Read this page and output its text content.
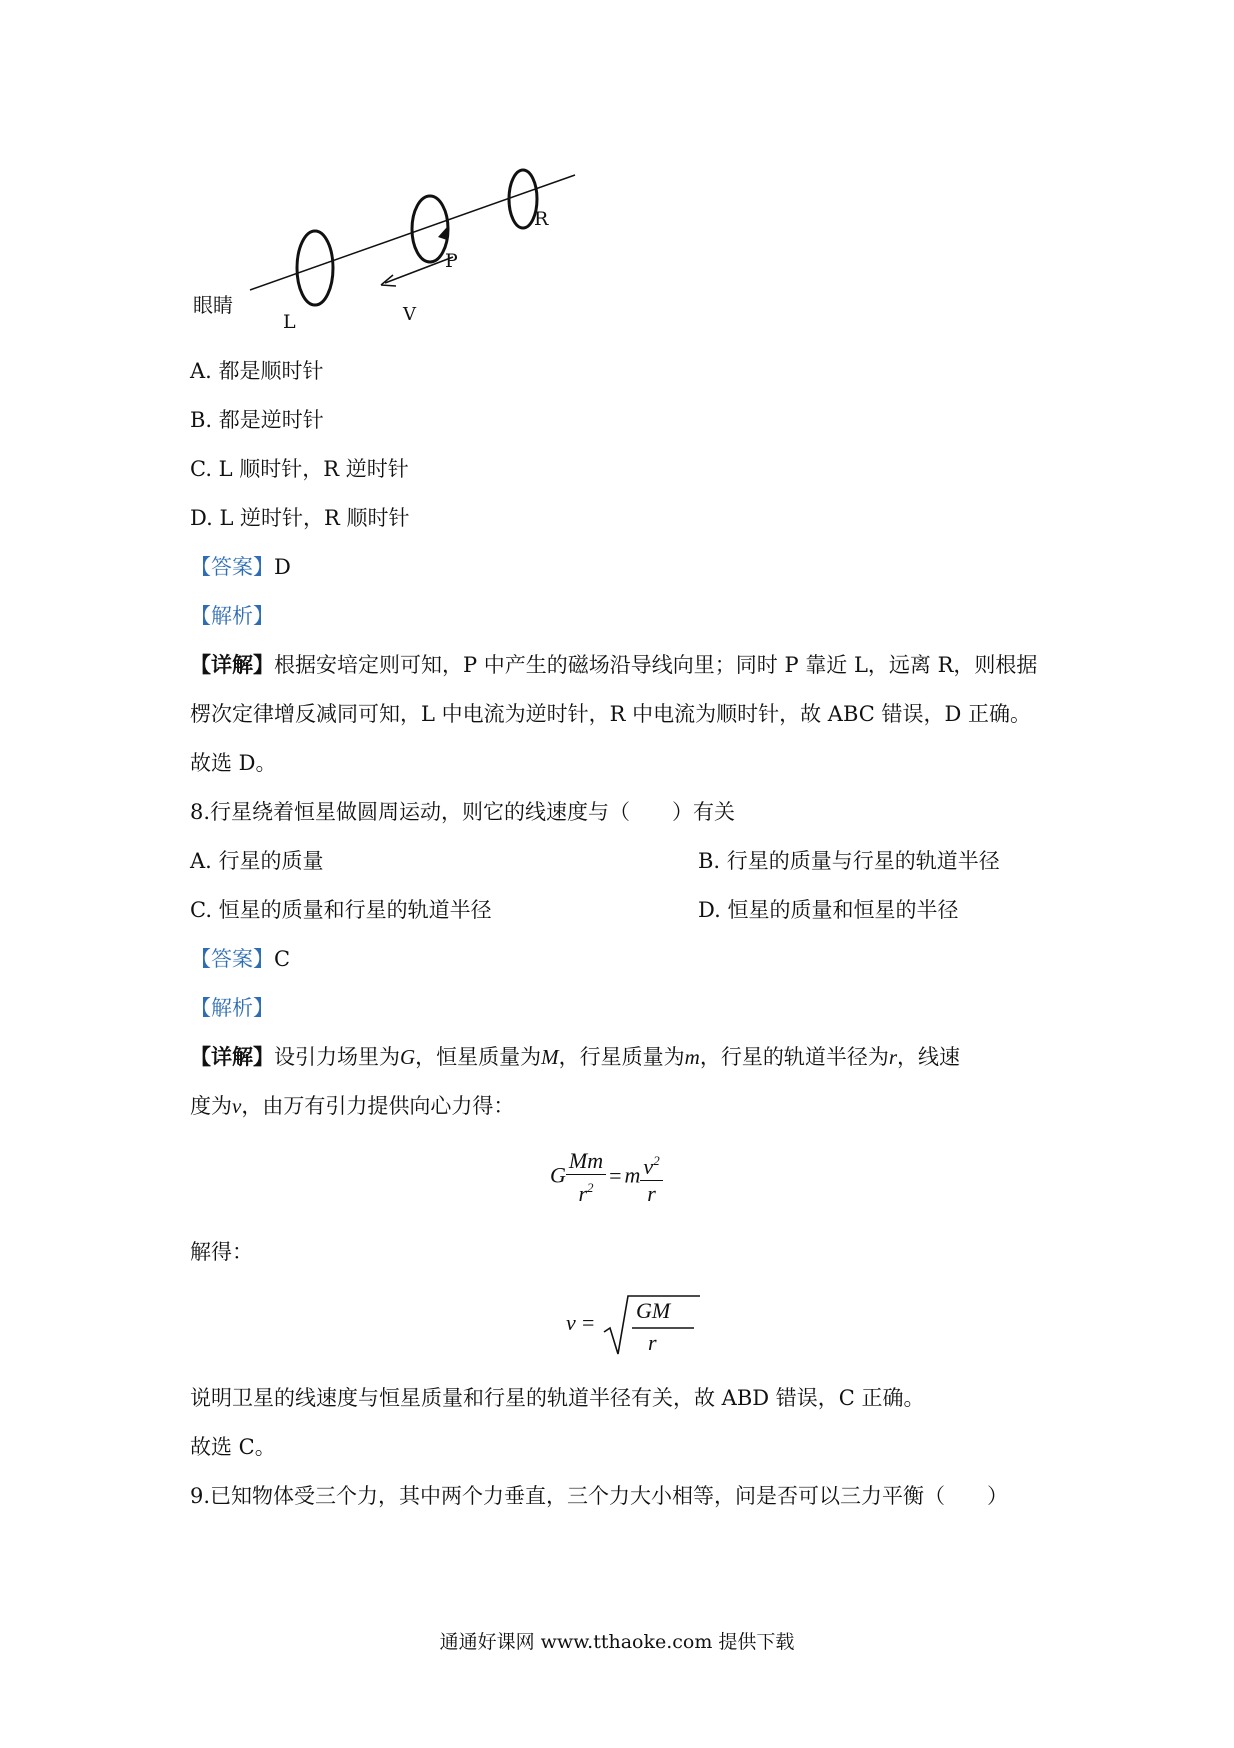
眼睛
L
P
R
V
A. 都是顺时针
B. 都是逆时针
C. L 顺时针，R 逆时针
D. L 逆时针，R 顺时针
【答案】D
【解析】
【详解】根据安培定则可知，P 中产生的磁场沿导线向里；同时 P 靠近 L，远离 R，则根据
楞次定律增反减同可知，L 中电流为逆时针，R 中电流为顺时针，故 ABC 错误，D 正确。
故选 D。
8.行星绕着恒星做圆周运动，则它的线速度与（　　）有关
A. 行星的质量	B. 行星的质量与行星的轨道半径
C. 恒星的质量和行星的轨道半径	D. 恒星的质量和恒星的半径
【答案】C
【解析】
【详解】设引力场里为G，恒星质量为M，行星质量为m，行星的轨道半径为r，线速
度为v，由万有引力提供向心力得：
G $\frac{Mm}{r^2} = m \frac{v^2}{r}$
解得：
v = GM
r
说明卫星的线速度与恒星质量和行星的轨道半径有关，故 ABD 错误，C 正确。
故选 C。
9.已知物体受三个力，其中两个力垂直，三个力大小相等，问是否可以三力平衡（　　）
通通好课网 www.tthaoke.com 提供下载
